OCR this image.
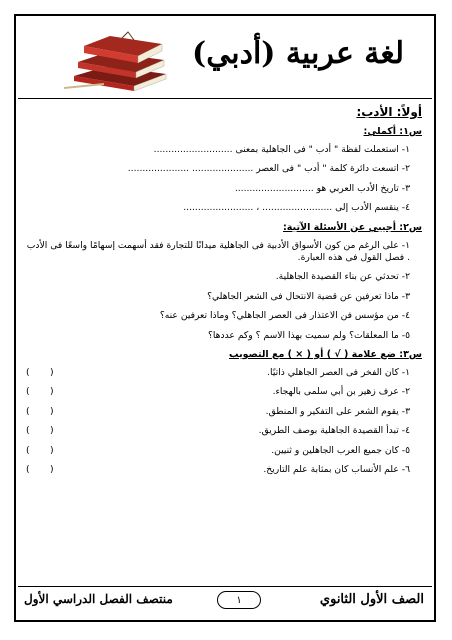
لغة عربية (أدبي)
أولاً: الأدب:
س١: أكملي:
١- استعملت لفظة " أدب " فى الجاهلية بمعنى ...........................
٢- اتسعت دائرة كلمة " أدب " فى العصر ..................... .....................
٣- تاريخ الأدب العربي هو ...........................
٤- ينقسم الأدب إلى ........................ ، ........................
س٢: أجيبي عن الأسئلة الآتية:
١- على الرغم من كون الأسواق الأدبية فى الجاهلية ميدانًا للتجارة فقد أسهمت إسهامًا واسعًا فى الأدب . فصل القول فى هذه العبارة.
٢- تحدثي عن بناء القصيدة الجاهلية.
٣- ماذا تعرفين عن قضية الانتحال فى الشعر الجاهلي؟
٤- من مؤسس فن الاعتذار فى العصر الجاهلي؟ وماذا تعرفين عنه؟
٥- ما المعلقات؟ ولم سميت بهذا الاسم ؟ وكم عددها؟
س٣: ضع علامة ( √ ) أو ( × ) مع التصويب
١- كان الفخر فى العصر الجاهلي ذاتيًا.
(       )
٢- عرف زهير بن أبي سلمى بالهجاء.
(       )
٣- يقوم الشعر على التفكير و المنطق.
(       )
٤- تبدأ القصيدة الجاهلية بوصف الطريق.
(       )
٥- كان جميع العرب الجاهلين و ثنيين.
(       )
٦- علم الأنساب كان بمثابة علم التاريخ.
(       )
الصف الأول الثانوي
١
منتصف الفصل الدراسي الأول
